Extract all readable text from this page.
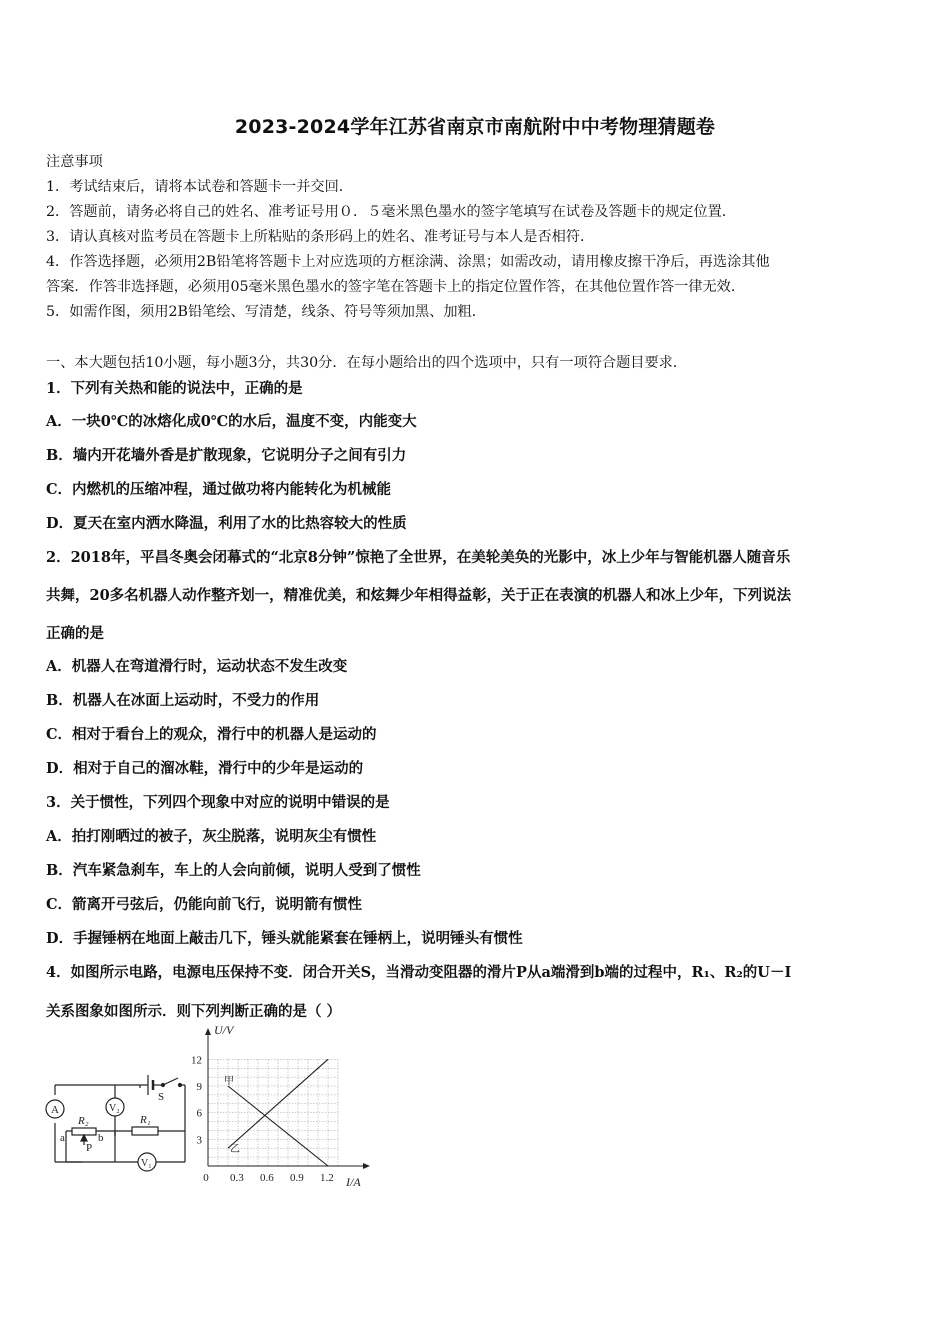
2023-2024学年江苏省南京市南航附中中考物理猜题卷
注意事项
1．考试结束后，请将本试卷和答题卡一并交回．
2．答题前，请务必将自己的姓名、准考证号用０．５毫米黑色墨水的签字笔填写在试卷及答题卡的规定位置．
3．请认真核对监考员在答题卡上所粘贴的条形码上的姓名、准考证号与本人是否相符．
4．作答选择题，必须用2B铅笔将答题卡上对应选项的方框涂满、涂黑；如需改动，请用橡皮擦干净后，再选涂其他
答案．作答非选择题，必须用05毫米黑色墨水的签字笔在答题卡上的指定位置作答，在其他位置作答一律无效．
5．如需作图，须用2B铅笔绘、写清楚，线条、符号等须加黑、加粗．
一、本大题包括10小题，每小题3分，共30分．在每小题给出的四个选项中，只有一项符合题目要求．
1．下列有关热和能的说法中，正确的是
A．一块0℃的冰熔化成0℃的水后，温度不变，内能变大
B．墙内开花墙外香是扩散现象，它说明分子之间有引力
C．内燃机的压缩冲程，通过做功将内能转化为机械能
D．夏天在室内洒水降温，利用了水的比热容较大的性质
2．2018年，平昌冬奥会闭幕式的“北京8分钟”惊艳了全世界，在美轮美奂的光影中，冰上少年与智能机器人随音乐
共舞，20多名机器人动作整齐划一，精准优美，和炫舞少年相得益彰，关于正在表演的机器人和冰上少年，下列说法
正确的是
A．机器人在弯道滑行时，运动状态不发生改变
B．机器人在冰面上运动时，不受力的作用
C．相对于看台上的观众，滑行中的机器人是运动的
D．相对于自己的溜冰鞋，滑行中的少年是运动的
3．关于惯性，下列四个现象中对应的说明中错误的是
A．拍打刚晒过的被子，灰尘脱落，说明灰尘有惯性
B．汽车紧急刹车，车上的人会向前倾，说明人受到了惯性
C．箭离开弓弦后，仍能向前飞行，说明箭有惯性
D．手握锤柄在地面上敲击几下，锤头就能紧套在锤柄上，说明锤头有惯性
4．如图所示电路，电源电压保持不变．闭合开关S，当滑动变阻器的滑片P从a端滑到b端的过程中，R₁、R₂的U－I
关系图象如图所示．则下列判断正确的是（ ）
A	V₂
V₁
S
R₂	R₁
a
P
b
0 0.3 0.6 0.9 1.2
3
6
9
12
I/A
U/V
甲
乙
